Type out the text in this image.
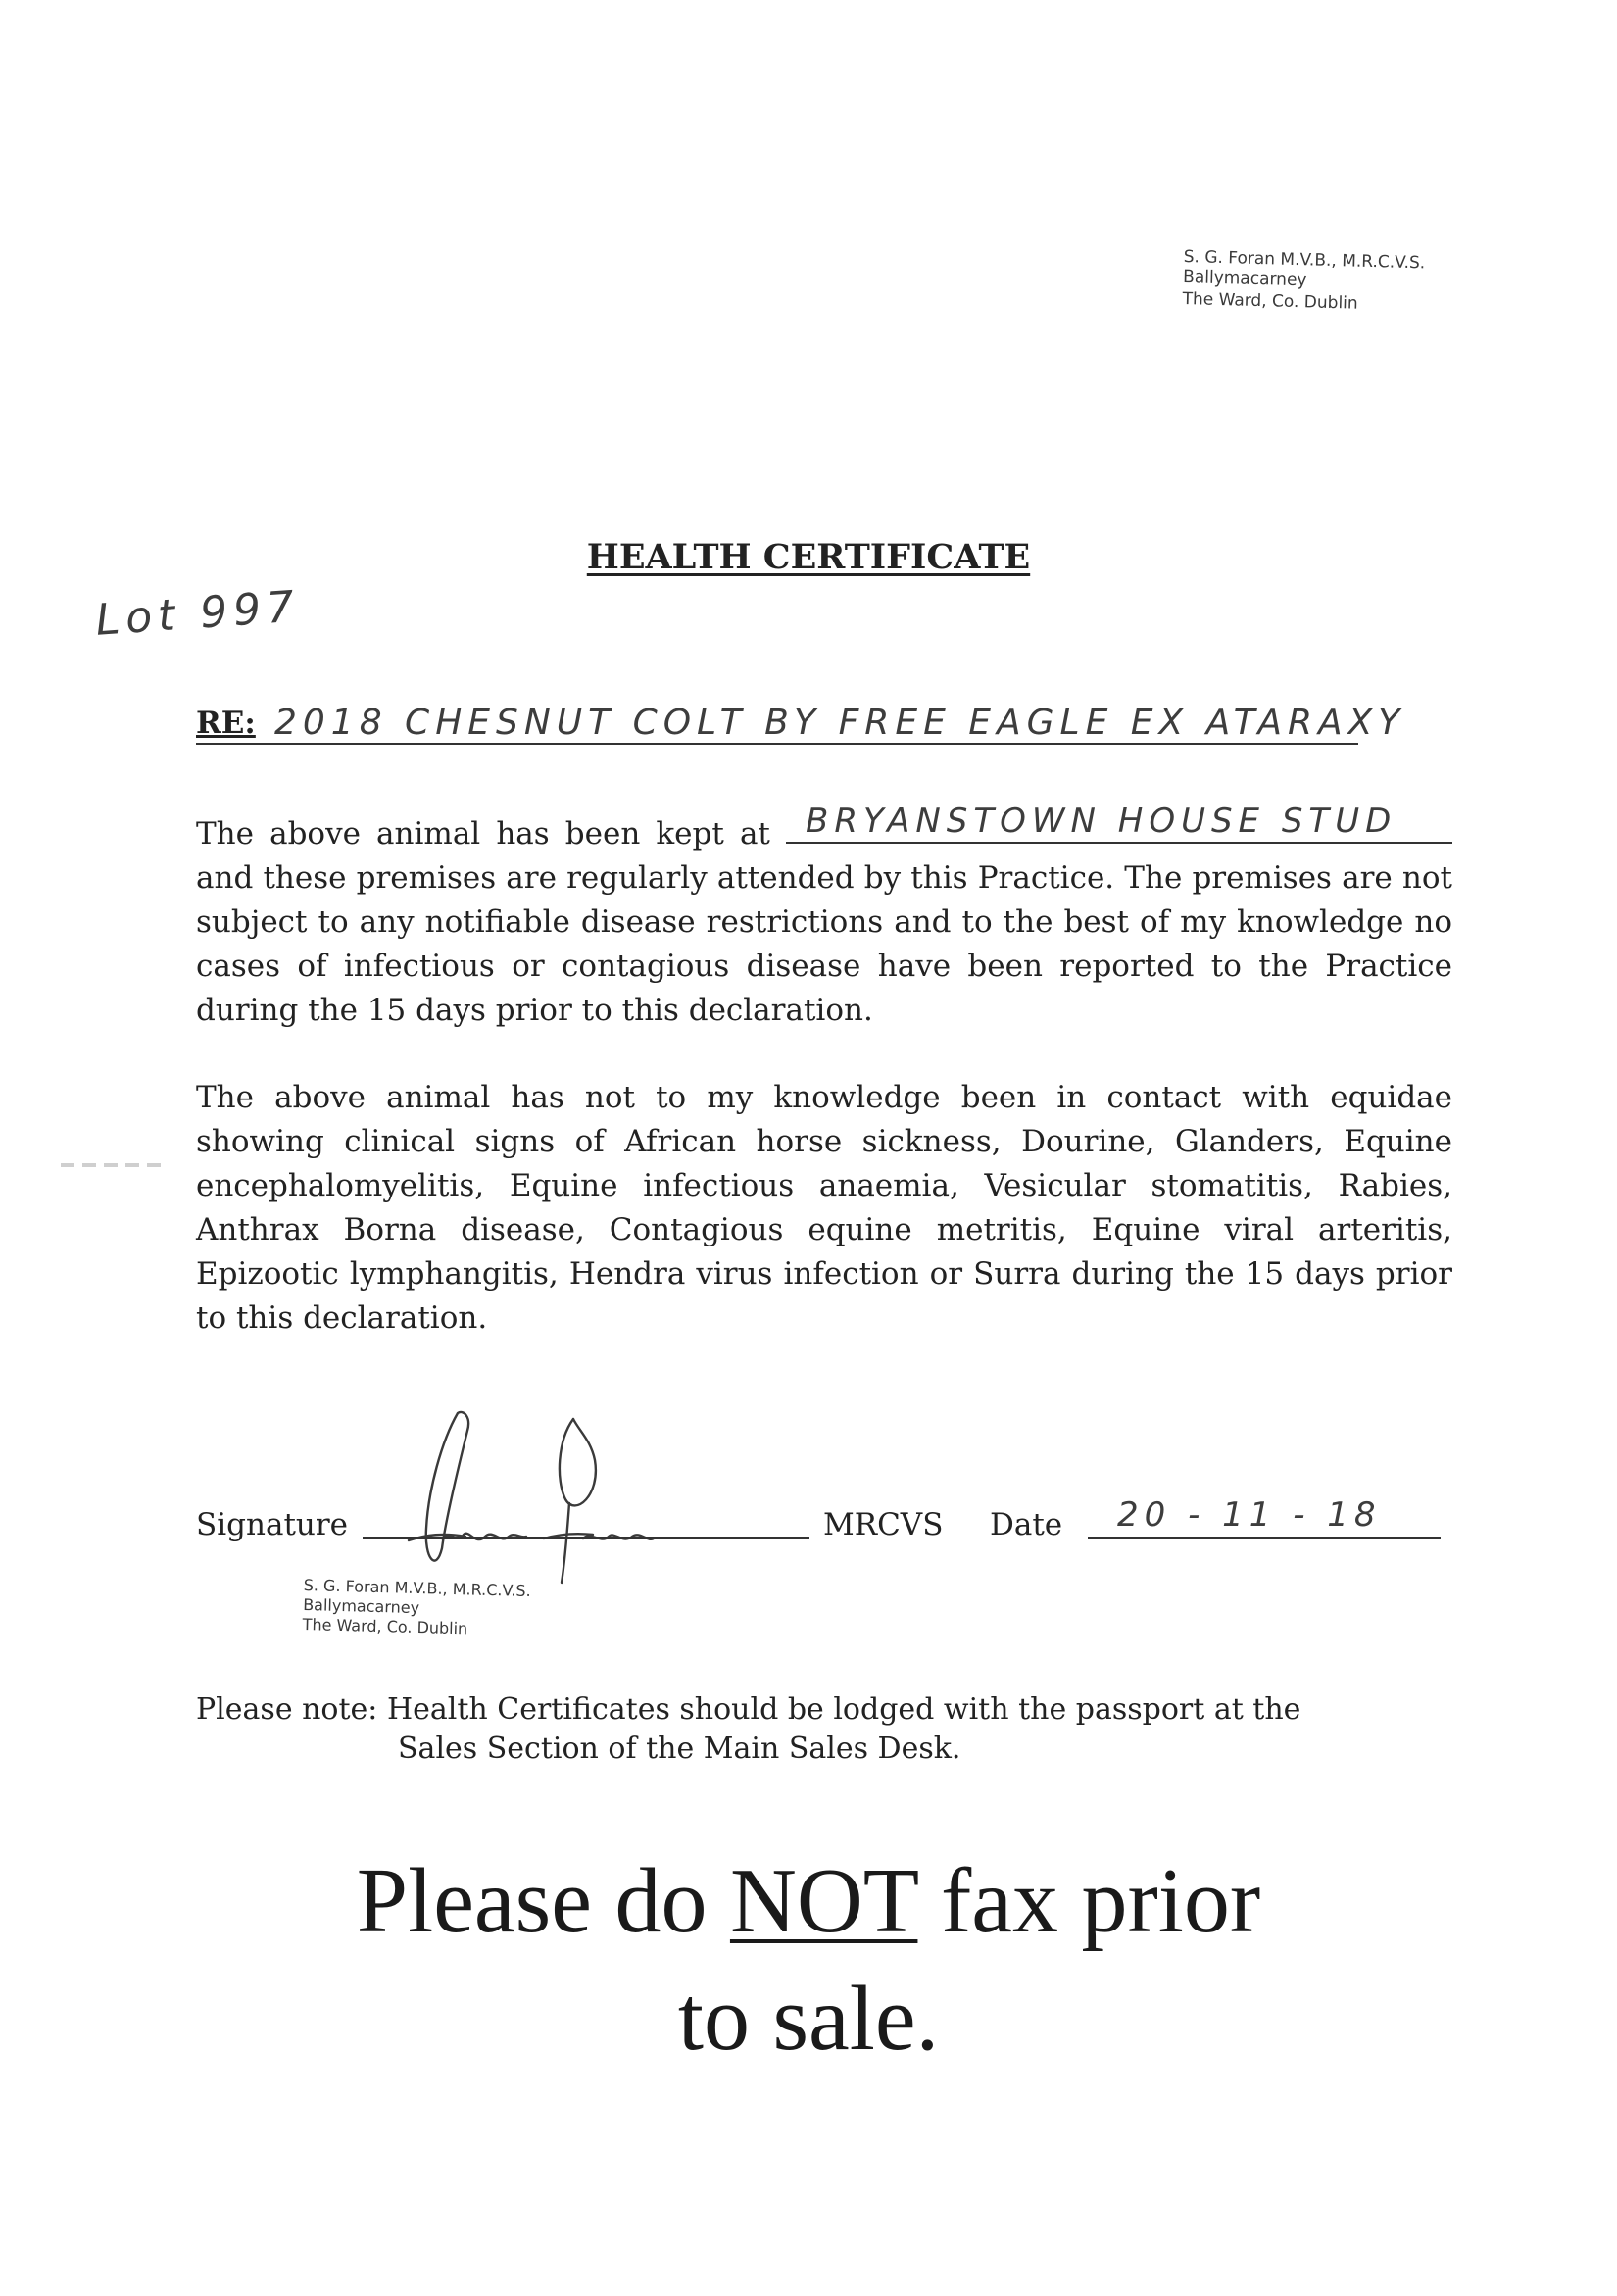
S. G. Foran M.V.B., M.R.C.V.S.
Ballymacarney
The Ward, Co. Dublin
HEALTH CERTIFICATE
Lot 997
RE: 2018 CHESNUT COLT BY FREE EAGLE EX ATARAXY
The above animal has been kept at BRYANSTOWN HOUSE STUD
and these premises are regularly attended by this Practice. The premises are not subject to any notifiable disease restrictions and to the best of my knowledge no cases of infectious or contagious disease have been reported to the Practice during the 15 days prior to this declaration.
The above animal has not to my knowledge been in contact with equidae showing clinical signs of African horse sickness, Dourine, Glanders, Equine encephalomyelitis, Equine infectious anaemia, Vesicular stomatitis, Rabies, Anthrax Borna disease, Contagious equine metritis, Equine viral arteritis, Epizootic lymphangitis, Hendra virus infection or Surra during the 15 days prior to this declaration.
Signature	MRCVS Date 20 - 11 - 18
S. G. Foran M.V.B., M.R.C.V.S.
Ballymacarney
The Ward, Co. Dublin
Please note: Health Certificates should be lodged with the passport at the
Sales Section of the Main Sales Desk.
Please do NOT fax prior
to sale.
